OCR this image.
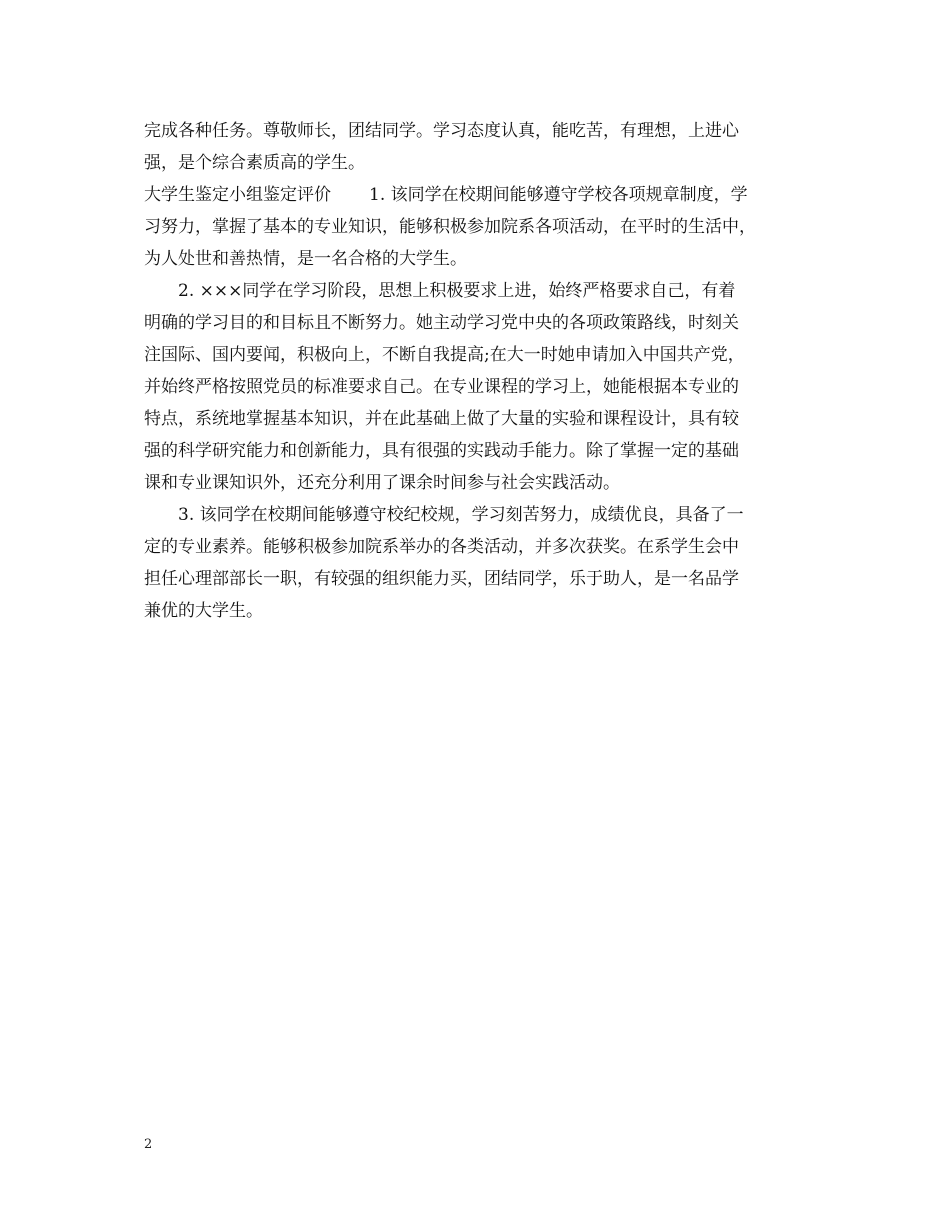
完成各种任务。尊敬师长，团结同学。学习态度认真，能吃苦，有理想，上进心
强，是个综合素质高的学生。
大学生鉴定小组鉴定评价 1. 该同学在校期间能够遵守学校各项规章制度，学
习努力，掌握了基本的专业知识，能够积极参加院系各项活动，在平时的生活中，
为人处世和善热情，是一名合格的大学生。
2. ×××同学在学习阶段，思想上积极要求上进，始终严格要求自己，有着
明确的学习目的和目标且不断努力。她主动学习党中央的各项政策路线，时刻关
注国际、国内要闻，积极向上，不断自我提高;在大一时她申请加入中国共产党，
并始终严格按照党员的标准要求自己。在专业课程的学习上，她能根据本专业的
特点，系统地掌握基本知识，并在此基础上做了大量的实验和课程设计，具有较
强的科学研究能力和创新能力，具有很强的实践动手能力。除了掌握一定的基础
课和专业课知识外，还充分利用了课余时间参与社会实践活动。
3. 该同学在校期间能够遵守校纪校规，学习刻苦努力，成绩优良，具备了一
定的专业素养。能够积极参加院系举办的各类活动，并多次获奖。在系学生会中
担任心理部部长一职，有较强的组织能力买，团结同学，乐于助人，是一名品学
兼优的大学生。
2
